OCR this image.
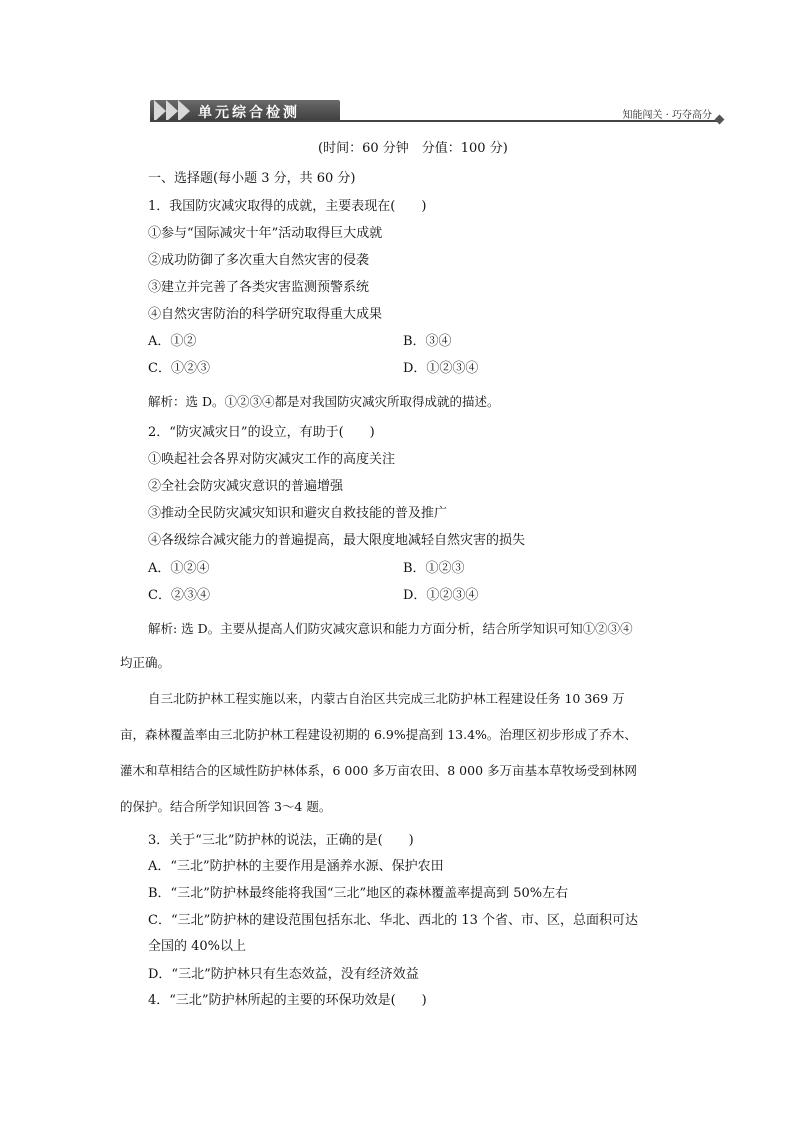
单元综合检测	知能闯关 · 巧夺高分
(时间：60 分钟　分值：100 分)
一、选择题(每小题 3 分，共 60 分)
1．我国防灾减灾取得的成就，主要表现在(　　)
①参与“国际减灾十年”活动取得巨大成就
②成功防御了多次重大自然灾害的侵袭
③建立并完善了各类灾害监测预警系统
④自然灾害防治的科学研究取得重大成果
A．①②	B．③④
C．①②③	D．①②③④
解析：选 D。①②③④都是对我国防灾减灾所取得成就的描述。
2．“防灾减灾日”的设立，有助于(　　)
①唤起社会各界对防灾减灾工作的高度关注
②全社会防灾减灾意识的普遍增强
③推动全民防灾减灾知识和避灾自救技能的普及推广
④各级综合减灾能力的普遍提高，最大限度地减轻自然灾害的损失
A．①②④	B．①②③
C．②③④	D．①②③④
解析: 选 D。主要从提高人们防灾减灾意识和能力方面分析，结合所学知识可知①②③④
均正确。
自三北防护林工程实施以来，内蒙古自治区共完成三北防护林工程建设任务 10 369 万
亩，森林覆盖率由三北防护林工程建设初期的 6.9%提高到 13.4%。治理区初步形成了乔木、
灌木和草相结合的区域性防护林体系，6 000 多万亩农田、8 000 多万亩基本草牧场受到林网
的保护。结合所学知识回答 3～4 题。
3．关于“三北”防护林的说法，正确的是(　　)
A．“三北”防护林的主要作用是涵养水源、保护农田
B．“三北”防护林最终能将我国“三北”地区的森林覆盖率提高到 50%左右
C．“三北”防护林的建设范围包括东北、华北、西北的 13 个省、市、区，总面积可达
全国的 40%以上
D．“三北”防护林只有生态效益，没有经济效益
4．“三北”防护林所起的主要的环保功效是(　　)
